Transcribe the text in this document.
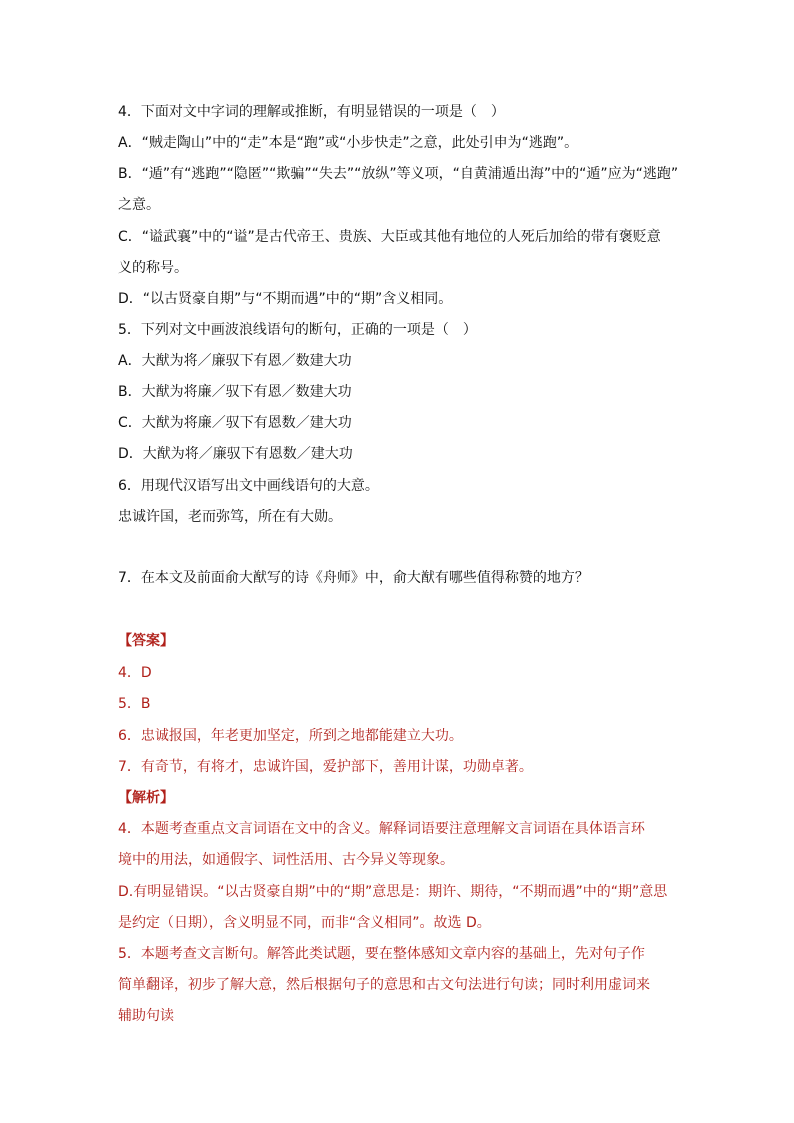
4．下面对文中字词的理解或推断，有明显错误的一项是（　）
A．“贼走陶山”中的“走”本是“跑”或“小步快走”之意，此处引申为“逃跑”。
B．“遁”有“逃跑”“隐匿”“欺骗”“失去”“放纵”等义项，“自黄浦遁出海”中的“遁”应为“逃跑”
之意。
C．“谥武襄”中的“谥”是古代帝王、贵族、大臣或其他有地位的人死后加给的带有褒贬意
义的称号。
D．“以古贤豪自期”与“不期而遇”中的“期”含义相同。
5．下列对文中画波浪线语句的断句，正确的一项是（　）
A．大猷为将／廉驭下有恩／数建大功
B．大猷为将廉／驭下有恩／数建大功
C．大猷为将廉／驭下有恩数／建大功
D．大猷为将／廉驭下有恩数／建大功
6．用现代汉语写出文中画线语句的大意。
忠诚许国，老而弥笃，所在有大勋。
7．在本文及前面俞大猷写的诗《舟师》中，俞大猷有哪些值得称赞的地方？
【答案】
4．D
5．B
6．忠诚报国，年老更加坚定，所到之地都能建立大功。
7．有奇节，有将才，忠诚许国，爱护部下，善用计谋，功勋卓著。
【解析】
4．本题考查重点文言词语在文中的含义。解释词语要注意理解文言词语在具体语言环
境中的用法，如通假字、词性活用、古今异义等现象。
D.有明显错误。“以古贤豪自期”中的“期”意思是：期许、期待，“不期而遇”中的“期”意思
是约定（日期），含义明显不同，而非“含义相同”。故选 D。
5．本题考查文言断句。解答此类试题，要在整体感知文章内容的基础上，先对句子作
简单翻译，初步了解大意，然后根据句子的意思和古文句法进行句读；同时利用虚词来
辅助句读
